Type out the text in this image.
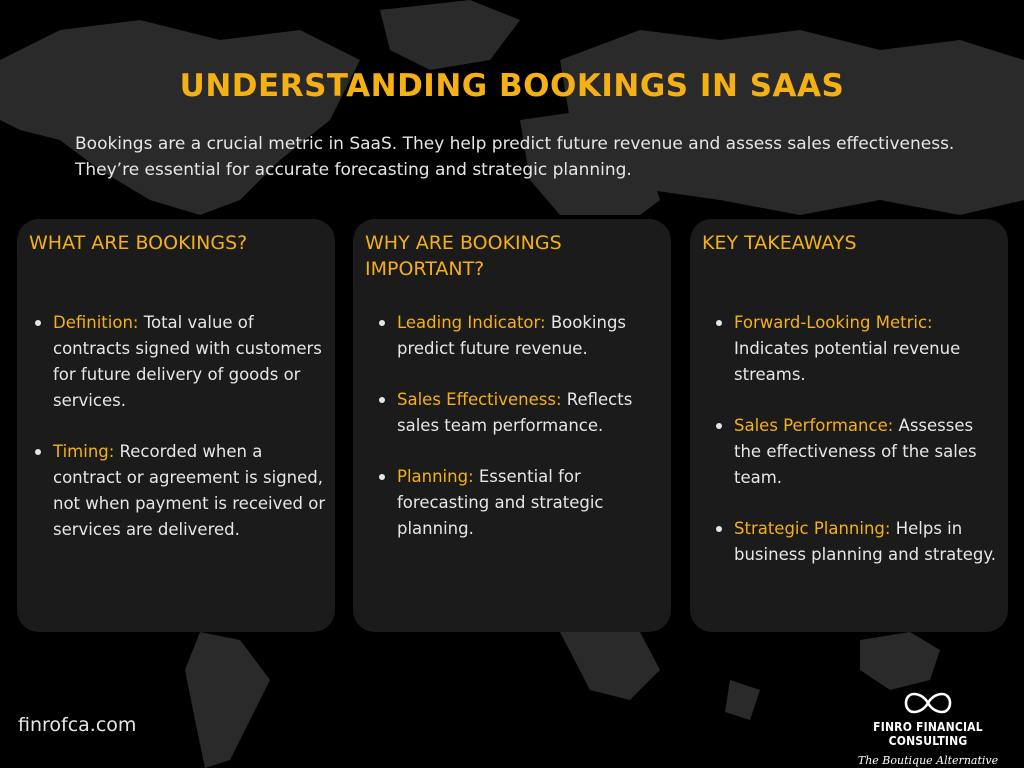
UNDERSTANDING BOOKINGS IN SAAS
Bookings are a crucial metric in SaaS. They help predict future revenue and assess sales effectiveness. They’re essential for accurate forecasting and strategic planning.
WHAT ARE BOOKINGS?
Definition: Total value of contracts signed with customers for future delivery of goods or services.
Timing: Recorded when a contract or agreement is signed, not when payment is received or services are delivered.
WHY ARE BOOKINGS IMPORTANT?
Leading Indicator: Bookings predict future revenue.
Sales Effectiveness: Reflects sales team performance.
Planning: Essential for forecasting and strategic planning.
KEY TAKEAWAYS
Forward-Looking Metric: Indicates potential revenue streams.
Sales Performance: Assesses the effectiveness of the sales team.
Strategic Planning: Helps in business planning and strategy.
finrofca.com	FINRO FINANCIAL CONSULTING
The Boutique Alternative
